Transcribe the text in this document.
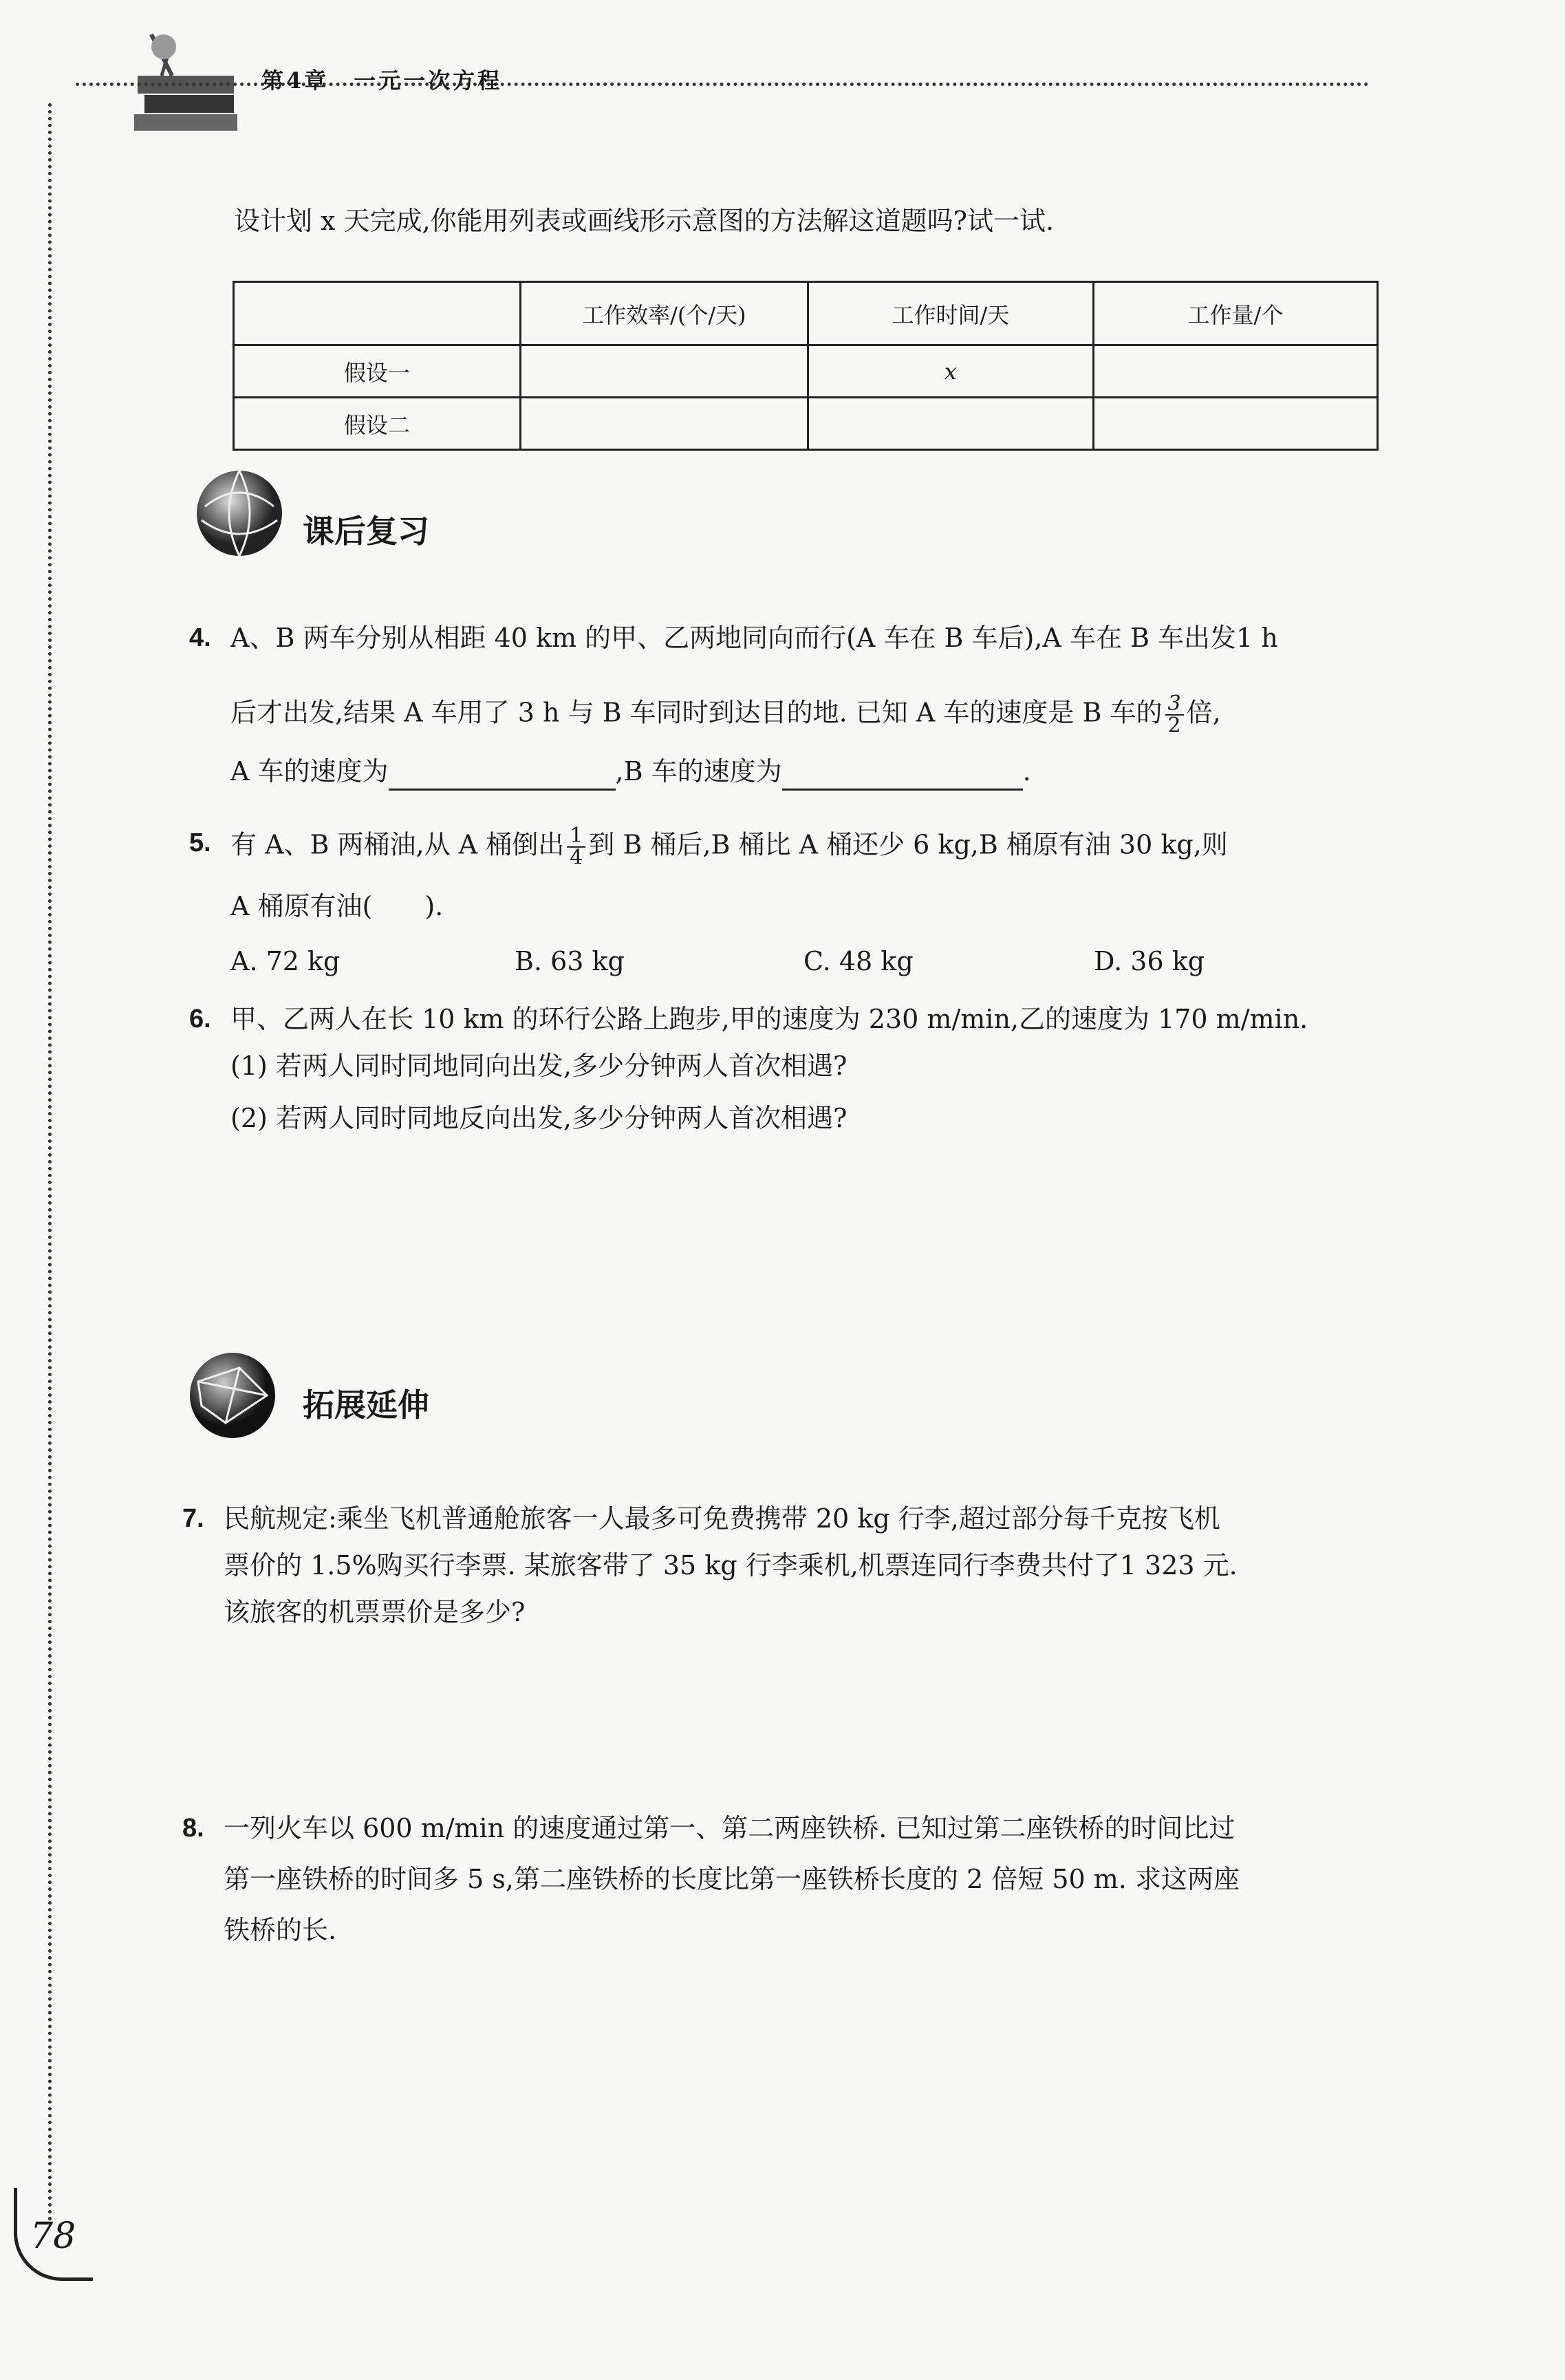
第4章　一元一次方程
设计划 x 天完成,你能用列表或画线形示意图的方法解这道题吗?试一试.
	工作效率/(个/天)	工作时间/天	工作量/个
假设一		x	
假设二			
课后复习
4. A、B 两车分别从相距 40 km 的甲、乙两地同向而行(A 车在 B 车后),A 车在 B 车出发1 h
后才出发,结果 A 车用了 3 h 与 B 车同时到达目的地. 已知 A 车的速度是 B 车的 $\frac{3}{2}$ 倍,
A 车的速度为	,B 车的速度为	.
5. 有 A、B 两桶油,从 A 桶倒出 $\frac{1}{4}$ 到 B 桶后,B 桶比 A 桶还少 6 kg,B 桶原有油 30 kg,则
A 桶原有油(　　).
A. 72 kg	B. 63 kg	C. 48 kg	D. 36 kg
6. 甲、乙两人在长 10 km 的环行公路上跑步,甲的速度为 230 m/min,乙的速度为 170 m/min.
(1) 若两人同时同地同向出发,多少分钟两人首次相遇?
(2) 若两人同时同地反向出发,多少分钟两人首次相遇?
拓展延伸
7. 民航规定:乘坐飞机普通舱旅客一人最多可免费携带 20 kg 行李,超过部分每千克按飞机
票价的 1.5%购买行李票. 某旅客带了 35 kg 行李乘机,机票连同行李费共付了1 323 元.
该旅客的机票票价是多少?
8. 一列火车以 600 m/min 的速度通过第一、第二两座铁桥. 已知过第二座铁桥的时间比过
第一座铁桥的时间多 5 s,第二座铁桥的长度比第一座铁桥长度的 2 倍短 50 m. 求这两座
铁桥的长.
78
